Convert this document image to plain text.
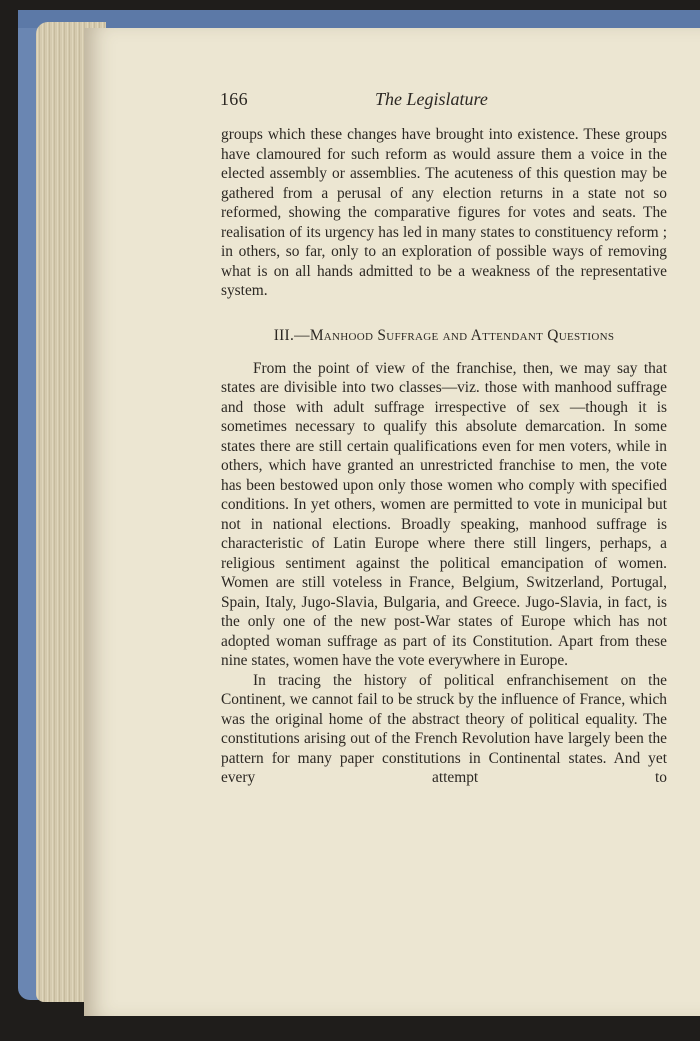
166	The Legislature

groups which these changes have brought into existence. These groups have clamoured for such reform as would assure them a voice in the elected assembly or assemblies. The acuteness of this question may be gathered from a perusal of any election returns in a state not so reformed, showing the comparative figures for votes and seats. The realisation of its urgency has led in many states to constituency reform ; in others, so far, only to an exploration of possible ways of removing what is on all hands admitted to be a weakness of the representative system.

III.—Manhood Suffrage and Attendant Questions

From the point of view of the franchise, then, we may say that states are divisible into two classes—viz. those with manhood suffrage and those with adult suffrage irrespective of sex —though it is sometimes necessary to qualify this absolute demarcation. In some states there are still certain qualifications even for men voters, while in others, which have granted an unrestricted franchise to men, the vote has been bestowed upon only those women who comply with specified conditions. In yet others, women are permitted to vote in municipal but not in national elections. Broadly speaking, manhood suffrage is characteristic of Latin Europe where there still lingers, perhaps, a religious sentiment against the political emancipation of women. Women are still voteless in France, Belgium, Switzerland, Portugal, Spain, Italy, Jugo-Slavia, Bulgaria, and Greece. Jugo-Slavia, in fact, is the only one of the new post-War states of Europe which has not adopted woman suffrage as part of its Constitution. Apart from these nine states, women have the vote everywhere in Europe.

In tracing the history of political enfranchisement on the Continent, we cannot fail to be struck by the influence of France, which was the original home of the abstract theory of political equality. The constitutions arising out of the French Revolution have largely been the pattern for many paper constitutions in Continental states. And yet every attempt to
